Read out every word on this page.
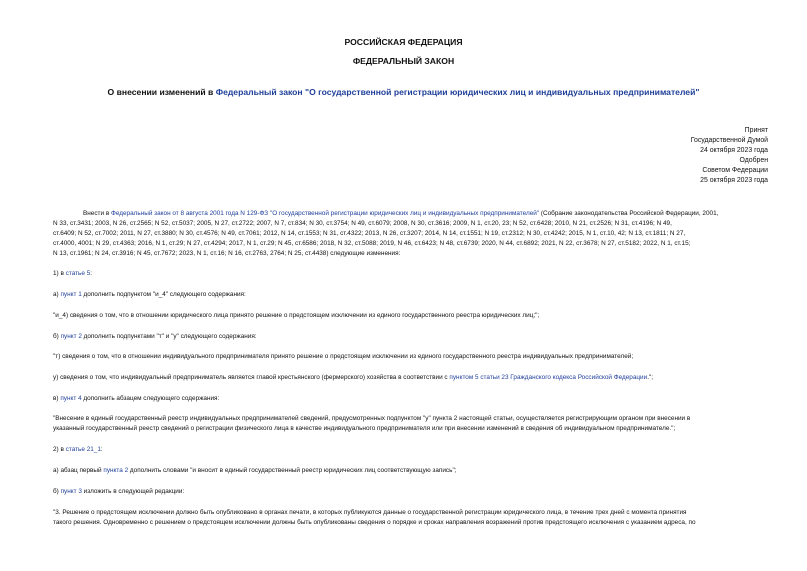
РОССИЙСКАЯ ФЕДЕРАЦИЯ
ФЕДЕРАЛЬНЫЙ ЗАКОН
О внесении изменений в Федеральный закон "О государственной регистрации юридических лиц и индивидуальных предпринимателей"
Принят
Государственной Думой
24 октября 2023 года
Одобрен
Советом Федерации
25 октября 2023 года
Внести в Федеральный закон от 8 августа 2001 года N 129-ФЗ "О государственной регистрации юридических лиц и индивидуальных предпринимателей" (Собрание законодательства Российской Федерации, 2001,
N 33, ст.3431; 2003, N 26, ст.2565; N 52, ст.5037; 2005, N 27, ст.2722; 2007, N 7, ст.834; N 30, ст.3754; N 49, ст.6079; 2008, N 30, ст.3616; 2009, N 1, ст.20, 23; N 52, ст.6428; 2010, N 21, ст.2526; N 31, ст.4196; N 49,
ст.6409; N 52, ст.7002; 2011, N 27, ст.3880; N 30, ст.4576; N 49, ст.7061; 2012, N 14, ст.1553; N 31, ст.4322; 2013, N 26, ст.3207; 2014, N 14, ст.1551; N 19, ст.2312; N 30, ст.4242; 2015, N 1, ст.10, 42; N 13, ст.1811; N 27,
ст.4000, 4001; N 29, ст.4363; 2016, N 1, ст.29; N 27, ст.4294; 2017, N 1, ст.29; N 45, ст.6586; 2018, N 32, ст.5088; 2019, N 46, ст.6423; N 48, ст.6739; 2020, N 44, ст.6892; 2021, N 22, ст.3678; N 27, ст.5182; 2022, N 1, ст.15;
N 13, ст.1961; N 24, ст.3916; N 45, ст.7672; 2023, N 1, ст.16; N 16, ст.2763, 2764; N 25, ст.4438) следующие изменения:
1) в статье 5:
а) пункт 1 дополнить подпунктом "и_4" следующего содержания:
"и_4) сведения о том, что в отношении юридического лица принято решение о предстоящем исключении из единого государственного реестра юридических лиц;";
б) пункт 2 дополнить подпунктами "т" и "у" следующего содержания:
"т) сведения о том, что в отношении индивидуального предпринимателя принято решение о предстоящем исключении из единого государственного реестра индивидуальных предпринимателей;
у) сведения о том, что индивидуальный предприниматель является главой крестьянского (фермерского) хозяйства в соответствии с пунктом 5 статьи 23 Гражданского кодекса Российской Федерации.";
в) пункт 4 дополнить абзацем следующего содержания:
"Внесение в единый государственный реестр индивидуальных предпринимателей сведений, предусмотренных подпунктом "у" пункта 2 настоящей статьи, осуществляется регистрирующим органом при внесении в
указанный государственный реестр сведений о регистрации физического лица в качестве индивидуального предпринимателя или при внесении изменений в сведения об индивидуальном предпринимателе.";
2) в статье 21_1:
а) абзац первый пункта 2 дополнить словами "и вносит в единый государственный реестр юридических лиц соответствующую запись";
б) пункт 3 изложить в следующей редакции:
"3. Решение о предстоящем исключении должно быть опубликовано в органах печати, в которых публикуются данные о государственной регистрации юридического лица, в течение трех дней с момента принятия
такого решения. Одновременно с решением о предстоящем исключении должны быть опубликованы сведения о порядке и сроках направления возражений против предстоящего исключения с указанием адреса, по
